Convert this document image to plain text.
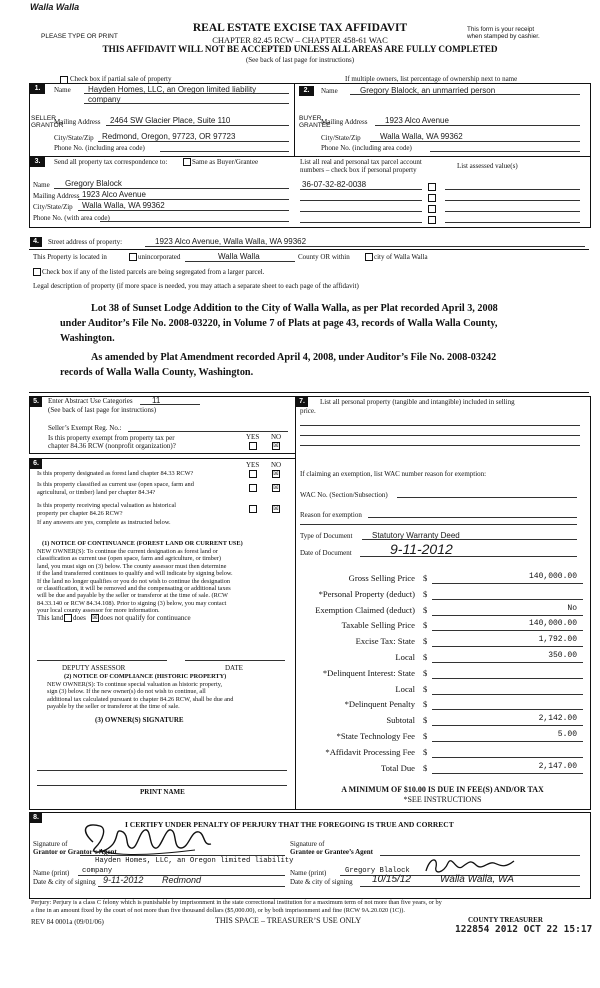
Walla Walla
PLEASE TYPE OR PRINT
REAL ESTATE EXCISE TAX AFFIDAVIT
CHAPTER 82.45 RCW – CHAPTER 458-61 WAC
THIS AFFIDAVIT WILL NOT BE ACCEPTED UNLESS ALL AREAS ARE FULLY COMPLETED
(See back of last page for instructions)
This form is your receipt
when stamped by cashier.
Check box if partial sale of property	If multiple owners, list percentage of ownership next to name
1.
SELLER
GRANTOR
Name Hayden Homes, LLC, an Oregon limited liability
company
Mailing Address 2464 SW Glacier Place, Suite 110
City/State/Zip Redmond, Oregon, 97723, OR 97723
Phone No. (including area code)
2.
BUYER
GRANTEE
Name	Gregory Blalock, an unmarried person
Mailing Address 1923 Alco Avenue
City/State/Zip Walla Walla, WA 99362
Phone No. (including area code)
3.	Send all property tax correspondence to:	Same as Buyer/Grantee	List all real and personal tax parcel account
numbers – check box if personal property	List assessed value(s)
Name Gregory Blalock
Mailing Address 1923 Alco Avenue
City/State/Zip Walla Walla, WA 99362
Phone No. (with area code)
36-07-32-82-0038
4.	Street address of property:	1923 Alco Avenue, Walla Walla, WA 99362
This Property is located in	unincorporated	Walla Walla	County OR within	city of Walla Walla
Check box if any of the listed parcels are being segregated from a larger parcel.
Legal description of property (if more space is needed, you may attach a separate sheet to each page of the affidavit)
Lot 38 of Sunset Lodge Addition to the City of Walla Walla, as per Plat recorded April 3, 2008
under Auditor’s File No. 2008-03220, in Volume 7 of Plats at page 43, records of Walla Walla County,
Washington.
As amended by Plat Amendment recorded April 4, 2008, under Auditor’s File No. 2008-03242
records of Walla Walla County, Washington.
5.	Enter Abstract Use Categories 11
(See back of last page for instructions)
Seller’s Exempt Reg. No.:
Is this property exempt from property tax per
chapter 84.36 RCW (nonprofit organization)?
YES NO
☒
6.	YES NO
Is this property designated as forest land chapter 84.33 RCW?	☒
Is this property classified as current use (open space, farm and
agricultural, or timber) land per chapter 84.34?
☒
Is this property receiving special valuation as historical
property per chapter 84.26 RCW?
☒
If any answers are yes, complete as instructed below.
(1) NOTICE OF CONTINUANCE (FOREST LAND OR CURRENT USE)
NEW OWNER(S): To continue the current designation as forest land or
classification as current use (open space, farm and agriculture, or timber)
land, you must sign on (3) below. The county assessor must then determine
if the land transferred continues to qualify and will indicate by signing below.
If the land no longer qualifies or you do not wish to continue the designation
or classification, it will be removed and the compensating or additional taxes
will be due and payable by the seller or transferor at the time of sale. (RCW
84.33.140 or RCW 84.34.108). Prior to signing (3) below, you may contact
your local county assessor for more information.
This land does ☒ does not qualify for continuance
DEPUTY ASSESSOR	DATE
(2) NOTICE OF COMPLIANCE (HISTORIC PROPERTY)
NEW OWNER(S): To continue special valuation as historic property,
sign (3) below. If the new owner(s) do not wish to continue, all
additional tax calculated pursuant to chapter 84.26 RCW, shall be due and
payable by the seller or transferor at the time of sale.
(3) OWNER(S) SIGNATURE
PRINT NAME
7.	List all personal property (tangible and intangible) included in selling
price.
If claiming an exemption, list WAC number reason for exemption:
WAC No. (Section/Subsection)
Reason for exemption
Type of Document Statutory Warranty Deed
Date of Document	9-11-2012
Gross Selling Price $	140,000.00
*Personal Property (deduct) $
Exemption Claimed (deduct) $	No
Taxable Selling Price $	140,000.00
Excise Tax: State $	1,792.00
Local $	350.00
*Delinquent Interest: State $
Local $
*Delinquent Penalty $
Subtotal $	2,142.00
*State Technology Fee $	5.00
*Affidavit Processing Fee $
Total Due $	2,147.00
A MINIMUM OF $10.00 IS DUE IN FEE(S) AND/OR TAX
*SEE INSTRUCTIONS
8.
I CERTIFY UNDER PENALTY OF PERJURY THAT THE FOREGOING IS TRUE AND CORRECT
Signature of
Grantor or Grantor’s Agent
Hayden Homes, LLC, an Oregon limited liability
Name (print) company
Date & city of signing 9-11-2012 Redmond
Signature of
Grantee or Grantee’s Agent
Name (print)	Gregory Blalock
Date & city of signing 10/15/12	Walla Walla, WA
Perjury: Perjury is a class C felony which is punishable by imprisonment in the state correctional institution for a maximum term of not more than five years, or by
a fine in an amount fixed by the court of not more than five thousand dollars ($5,000.00), or by both imprisonment and fine (RCW 9A.20.020 (1C)).
REV 84 0001a (09/01/06)	THIS SPACE – TREASURER’S USE ONLY	COUNTY TREASURER
122854 2012 OCT 22 15:17
